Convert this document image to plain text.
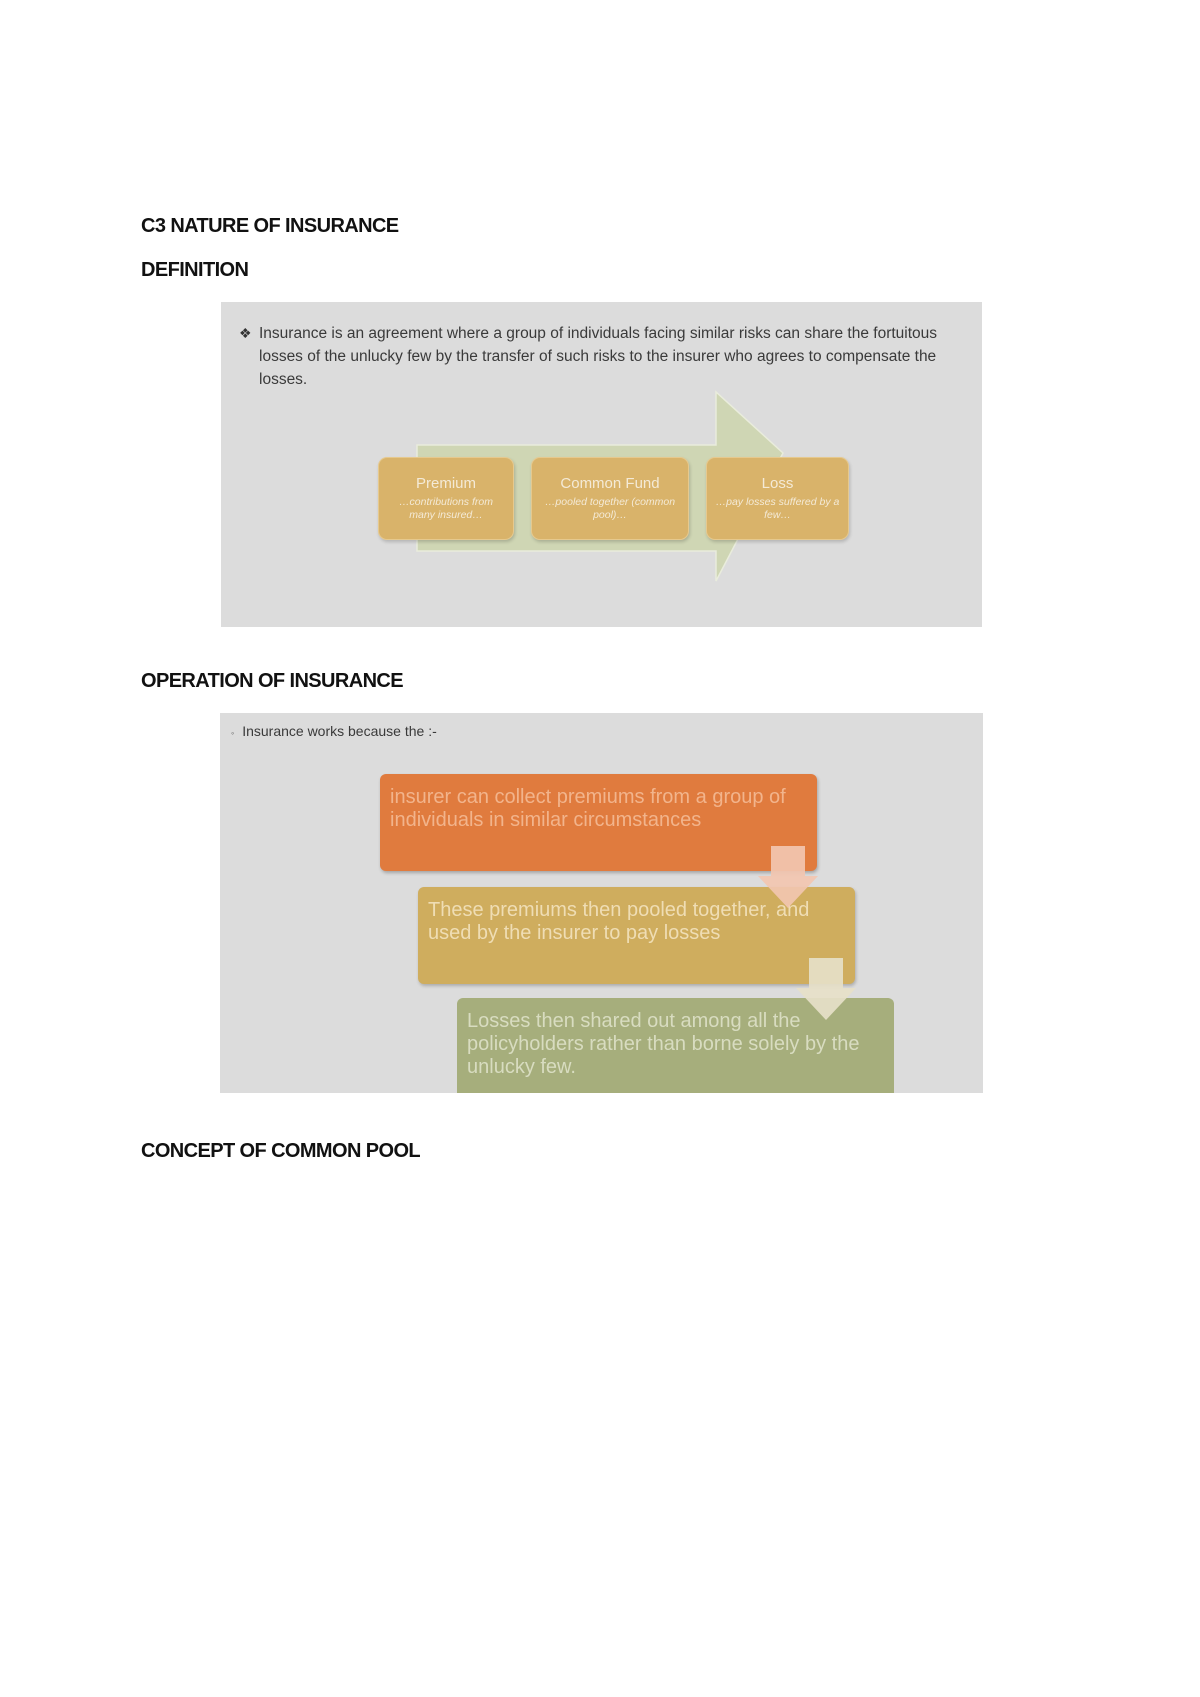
C3 NATURE OF INSURANCE
DEFINITION
❖ Insurance is an agreement where a group of individuals facing similar risks can share the fortuitous losses of the unlucky few by the transfer of such risks to the insurer who agrees to compensate the losses.
Premium
…contributions from many insured…
Common Fund
…pooled together (common pool)…
Loss
…pay losses suffered by a few…
OPERATION OF INSURANCE
◦ Insurance works because the :-
insurer can collect premiums from a group of individuals in similar circumstances
These premiums then pooled together, and used by the insurer to pay losses
Losses then shared out among all the policyholders rather than borne solely by the unlucky few.
CONCEPT OF COMMON POOL
